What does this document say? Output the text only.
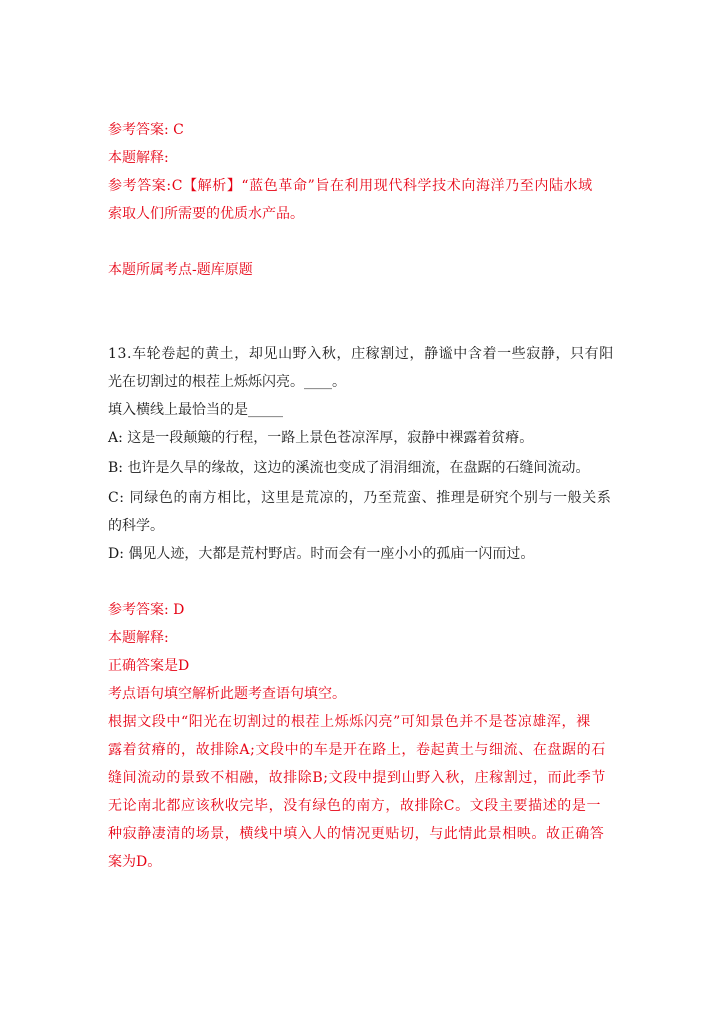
参考答案: C
本题解释:
参考答案:C【解析】“蓝色革命”旨在利用现代科学技术向海洋乃至内陆水域
索取人们所需要的优质水产品。
本题所属考点-题库原题
13.车轮卷起的黄土，却见山野入秋，庄稼割过，静谧中含着一些寂静，只有阳
光在切割过的根茬上烁烁闪亮。____。
填入横线上最恰当的是_____
A: 这是一段颠簸的行程，一路上景色苍凉浑厚，寂静中裸露着贫瘠。
B: 也许是久旱的缘故，这边的溪流也变成了涓涓细流，在盘踞的石缝间流动。
C: 同绿色的南方相比，这里是荒凉的，乃至荒蛮、推理是研究个别与一般关系
的科学。
D: 偶见人迹，大都是荒村野店。时而会有一座小小的孤庙一闪而过。
参考答案: D
本题解释:
正确答案是D
考点语句填空解析此题考查语句填空。
根据文段中“阳光在切割过的根茬上烁烁闪亮”可知景色并不是苍凉雄浑，裸
露着贫瘠的，故排除A;文段中的车是开在路上，卷起黄土与细流、在盘踞的石
缝间流动的景致不相融，故排除B;文段中提到山野入秋，庄稼割过，而此季节
无论南北都应该秋收完毕，没有绿色的南方，故排除C。文段主要描述的是一
种寂静凄清的场景，横线中填入人的情况更贴切，与此情此景相映。故正确答
案为D。
